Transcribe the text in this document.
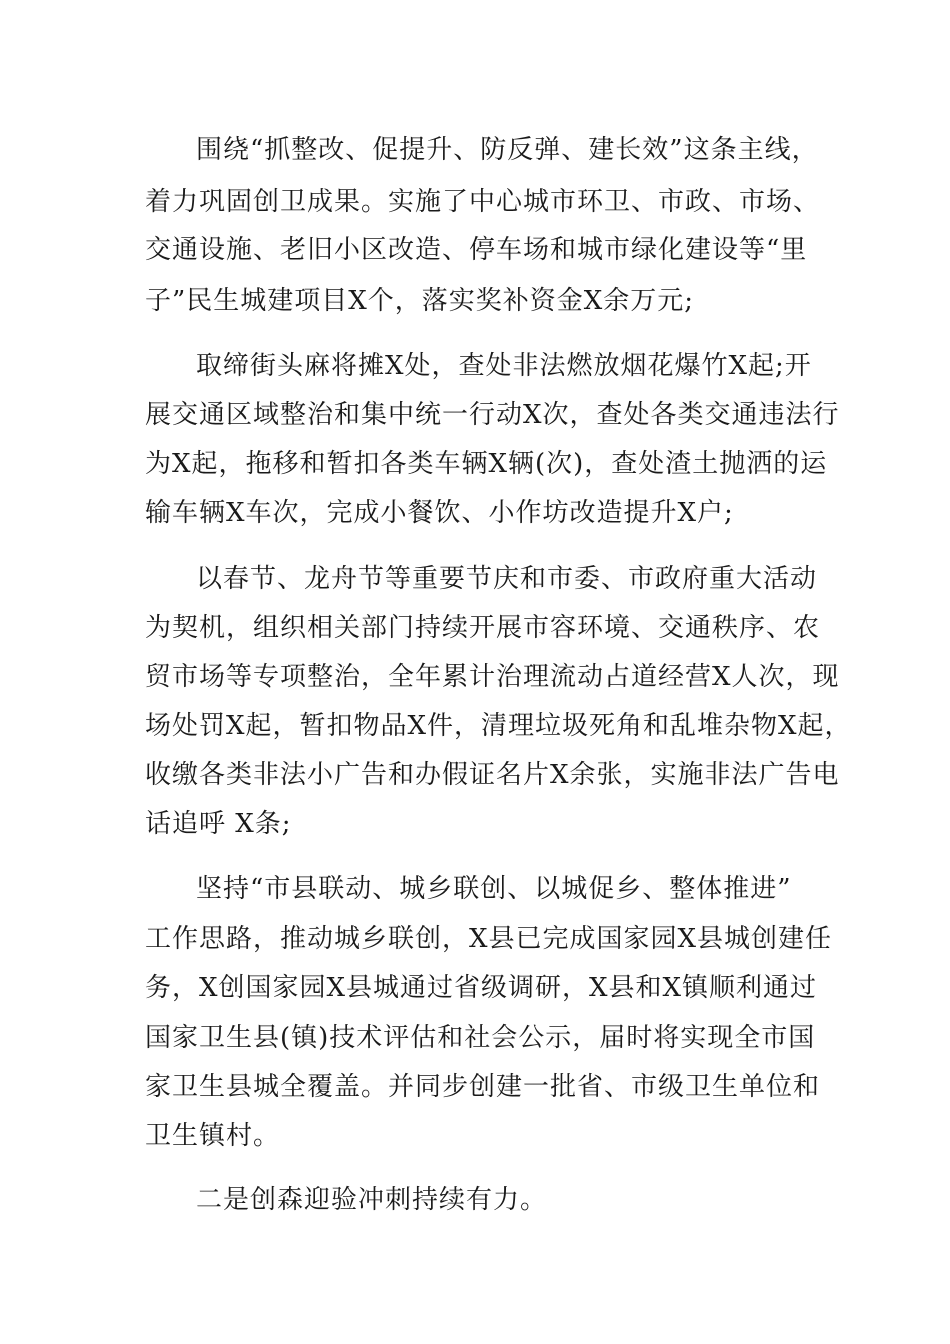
围绕“抓整改、促提升、防反弹、建长效”这条主线，
着力巩固创卫成果。实施了中心城市环卫、市政、市场、
交通设施、老旧小区改造、停车场和城市绿化建设等“里
子”民生城建项目X个，落实奖补资金X余万元;
取缔街头麻将摊X处，查处非法燃放烟花爆竹X起;开
展交通区域整治和集中统一行动X次，查处各类交通违法行
为X起，拖移和暂扣各类车辆X辆(次)，查处渣土抛洒的运
输车辆X车次，完成小餐饮、小作坊改造提升X户;
以春节、龙舟节等重要节庆和市委、市政府重大活动
为契机，组织相关部门持续开展市容环境、交通秩序、农
贸市场等专项整治，全年累计治理流动占道经营X人次，现
场处罚X起，暂扣物品X件，清理垃圾死角和乱堆杂物X起，
收缴各类非法小广告和办假证名片X余张，实施非法广告电
话追呼 X条;
坚持“市县联动、城乡联创、以城促乡、整体推进”
工作思路，推动城乡联创，X县已完成国家园X县城创建任
务，X创国家园X县城通过省级调研，X县和X镇顺利通过
国家卫生县(镇)技术评估和社会公示，届时将实现全市国
家卫生县城全覆盖。并同步创建一批省、市级卫生单位和
卫生镇村。
二是创森迎验冲刺持续有力。
